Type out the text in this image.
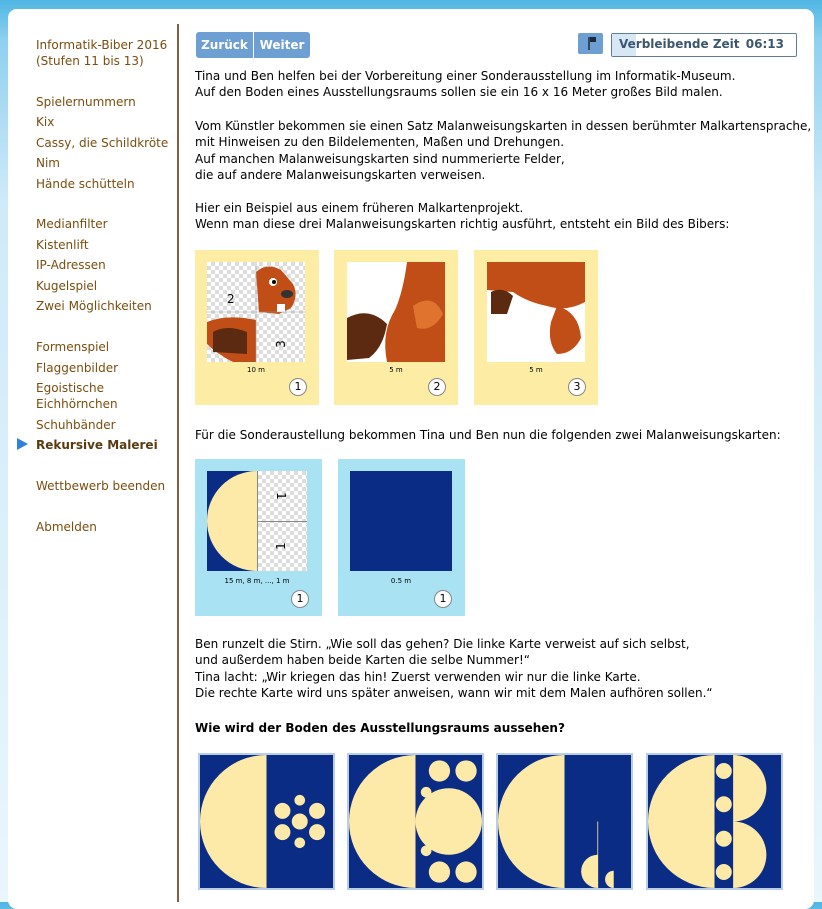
Informatik-Biber 2016 (Stufen 11 bis 13)
Spielernummern
Kix
Cassy, die Schildkröte
Nim
Hände schütteln
Medianfilter
Kistenlift
IP-Adressen
Kugelspiel
Zwei Möglichkeiten
Formenspiel
Flaggenbilder
Egoistische Eichhörnchen
Schuhbänder
Rekursive Malerei
Wettbewerb beenden
Abmelden
Zurück Weiter	Verbleibende Zeit 06:13

Tina und Ben helfen bei der Vorbereitung einer Sonderausstellung im Informatik-Museum.
Auf den Boden eines Ausstellungsraums sollen sie ein 16 x 16 Meter großes Bild malen.

Vom Künstler bekommen sie einen Satz Malanweisungskarten in dessen berühmter Malkartensprache,
mit Hinweisen zu den Bildelementen, Maßen und Drehungen.
Auf manchen Malanweisungskarten sind nummerierte Felder,
die auf andere Malanweisungskarten verweisen.

Hier ein Beispiel aus einem früheren Malkartenprojekt.
Wenn man diese drei Malanweisungskarten richtig ausführt, entsteht ein Bild des Bibers:

2
3
10 m
1
5 m
2
5 m
3

Für die Sonderaustellung bekommen Tina und Ben nun die folgenden zwei Malanweisungskarten:

1
1
15 m, 8 m, ..., 1 m
1
0.5 m
1

Ben runzelt die Stirn. „Wie soll das gehen? Die linke Karte verweist auf sich selbst,
und außerdem haben beide Karten die selbe Nummer!“
Tina lacht: „Wir kriegen das hin! Zuerst verwenden wir nur die linke Karte.
Die rechte Karte wird uns später anweisen, wann wir mit dem Malen aufhören sollen.“

Wie wird der Boden des Ausstellungsraums aussehen?
